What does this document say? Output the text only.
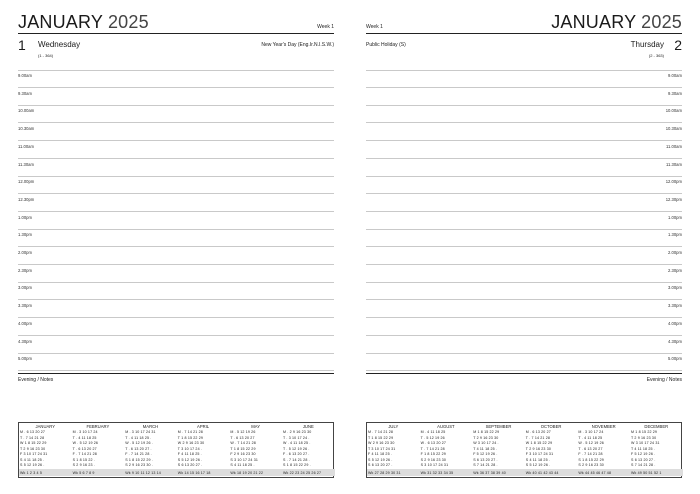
JANUARY 2025	Week 1
1 Wednesday
(1 - 364)
New Year's Day (Eng.Ir.N.I.S.W.)
Evening / Notes
JANUARY
M . 6 13 20 27
T . 7 14 21 28
W 1 8 15 22 29
T 2 9 16 23 30
F 3 10 17 24 31
S 4 11 18 25 .
S 5 12 19 26 .
Wk 1 2 3 4 5
FEBRUARY
M . 3 10 17 24
T . 4 11 18 25
W . 5 12 19 26
T . 6 13 20 27
F . 7 14 21 28
S 1 8 15 22 .
S 2 9 16 23 .
Wk 5 6 7 8 9
MARCH
M . 3 10 17 24 31
T . 4 11 18 25 .
W . 5 12 19 26 .
T . 6 13 20 27 .
F . 7 14 21 28 .
S 1 8 15 22 29 .
S 2 9 16 23 30 .
Wk 9 10 11 12 13 14
APRIL
M . 7 14 21 28
T 1 8 15 22 29
W 2 9 16 23 30
T 3 10 17 24 .
F 4 11 18 25 .
S 5 12 19 26 .
S 6 13 20 27 .
Wk 14 15 16 17 18
MAY
M . 5 12 19 26
T . 6 13 20 27
W . 7 14 21 28
T 1 8 15 22 29
F 2 9 16 23 30
S 3 10 17 24 31
S 4 11 18 25 .
Wk 18 19 20 21 22
JUNE
M . 2 9 16 23 30
T . 3 10 17 24 .
W . 4 11 18 25 .
T . 5 12 19 26 .
F . 6 13 20 27 .
S . 7 14 21 28 .
S 1 8 15 22 29 .
Wk 22 23 24 25 26 27
9.00am
9.30am
10.00am
10.30am
11.00am
11.30am
12.00pm
12.30pm
1.00pm
1.30pm
2.00pm
2.30pm
3.00pm
3.30pm
4.00pm
4.30pm
5.00pm
JANUARY 2025
Week 1
2
Thursday
(2 - 363)
Public Holiday (S)
Evening / Notes
JULY
M . 7 14 21 28
T 1 8 15 22 29
W 2 9 16 23 30
T 3 10 17 24 31
F 4 11 18 25 .
S 5 12 19 26 .
S 6 13 20 27 .
Wk 27 28 29 30 31
AUGUST
M . 4 11 18 25
T . 5 12 19 26
W . 6 13 20 27
T . 7 14 21 28
F 1 8 15 22 29
S 2 9 16 23 30
S 3 10 17 24 31
Wk 31 32 33 34 35
SEPTEMBER
M 1 8 15 22 29
T 2 9 16 23 30
W 3 10 17 24 .
T 4 11 18 25 .
F 5 12 19 26 .
S 6 13 20 27 .
S 7 14 21 28 .
Wk 36 37 38 39 40
OCTOBER
M . 6 13 20 27
T . 7 14 21 28
W 1 8 15 22 29
T 2 9 16 23 30
F 3 10 17 24 31
S 4 11 18 25 .
S 5 12 19 26 .
Wk 40 41 42 43 44
NOVEMBER
M . 3 10 17 24
T . 4 11 18 25
W . 5 12 19 26
T . 6 13 20 27
F . 7 14 21 28
S 1 8 15 22 29
S 2 9 16 23 30
Wk 44 45 46 47 48
DECEMBER
M 1 8 15 22 29
T 2 9 16 23 30
W 3 10 17 24 31
T 4 11 18 25 .
F 5 12 19 26 .
S 6 13 20 27 .
S 7 14 21 28 .
Wk 49 50 51 52 1
9.00am
9.30am
10.00am
10.30am
11.00am
11.30am
12.00pm
12.30pm
1.00pm
1.30pm
2.00pm
2.30pm
3.00pm
3.30pm
4.00pm
4.30pm
5.00pm
